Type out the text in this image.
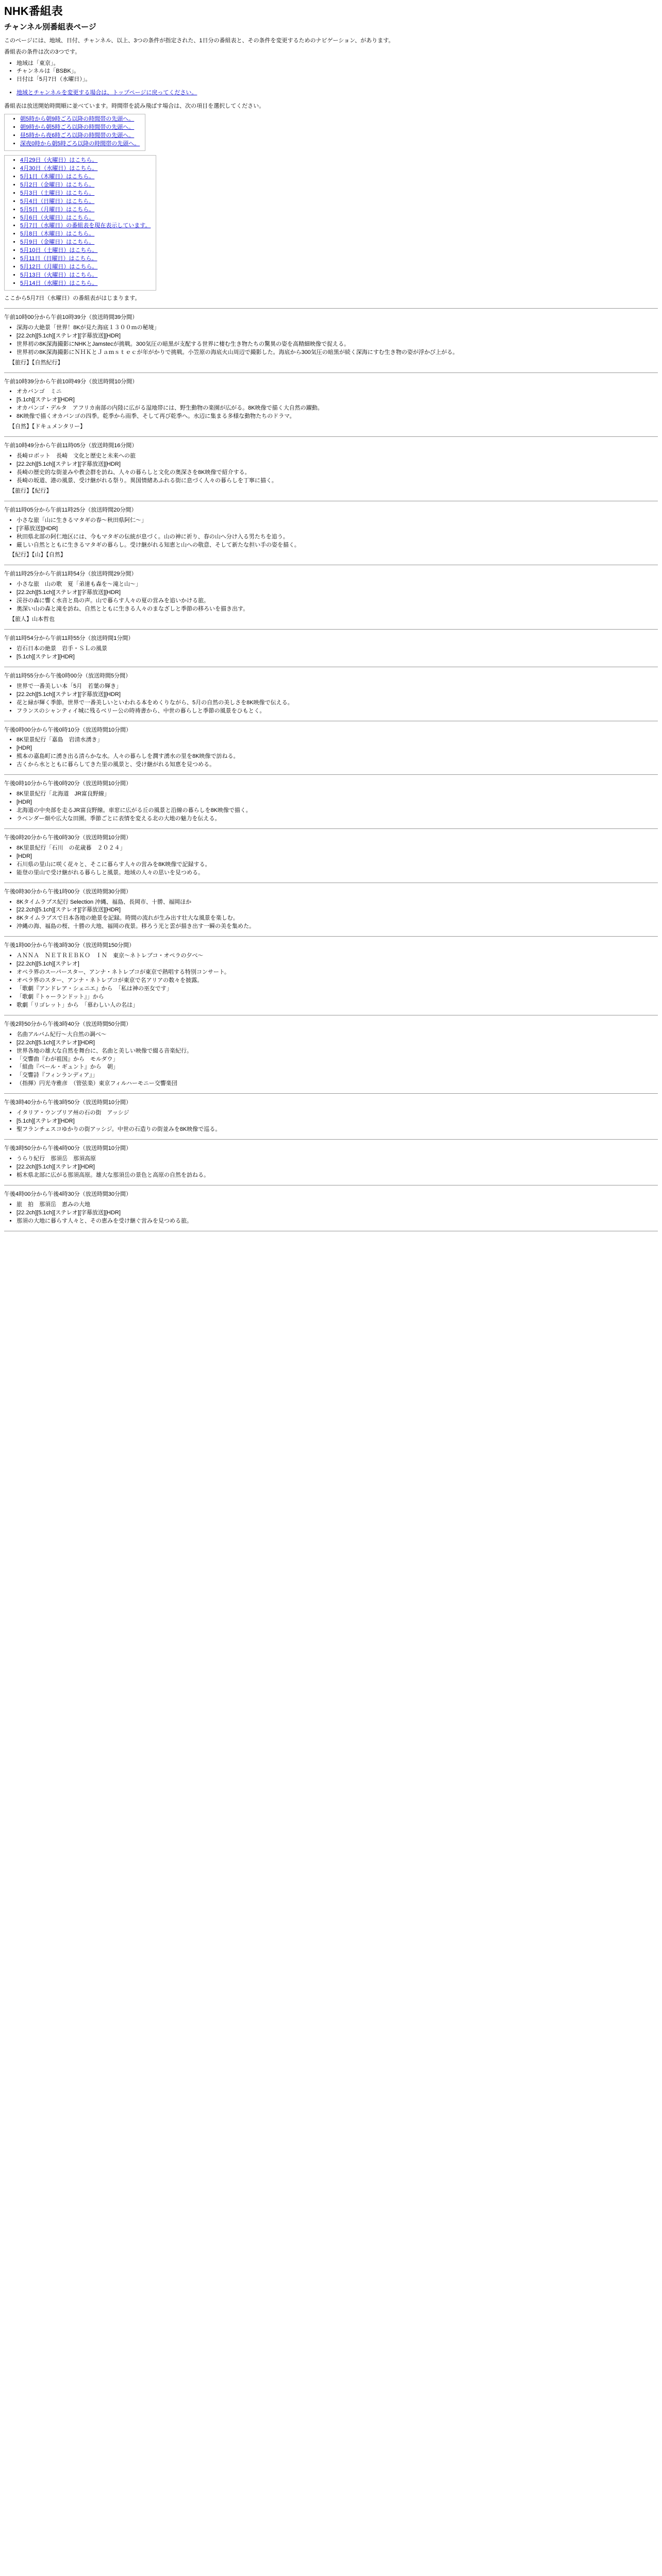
NHK番組表
チャンネル別番組表ページ

このページには、地域、日付、チャンネル、以上、3つの条件が指定された、1日分の番組表と、その条件を変更するためのナビゲーション、があります。

番組表の条件は次の3つです。

• 地域は「東京」。
• チャンネルは「BSBK」。
• 日付は「5月7日（水曜日）」。
• 地域とチャンネルを変更する場合は、トップページに戻ってください。

番組表は放送開始時間順に並べています。時間帯を読み飛ばす場合は、次の項目を選択してください。

• 朝5時から朝9時ごろ以降の時間帯の先頭へ。
• 朝9時から朝5時ごろ以降の時間帯の先頭へ。
• 昼5時から夜6時ごろ以降の時間帯の先頭へ。
• 深夜0時から朝5時ごろ以降の時間帯の先頭へ。

• 4月29日（火曜日）はこちら。
• 4月30日（水曜日）はこちら。
• 5月1日（木曜日）はこちら。
• 5月2日（金曜日）はこちら。
• 5月3日（土曜日）はこちら。
• 5月4日（日曜日）はこちら。
• 5月5日（月曜日）はこちら。
• 5月6日（火曜日）はこちら。
• 5月7日（水曜日）の番組表を現在表示しています。
• 5月8日（木曜日）はこちら。
• 5月9日（金曜日）はこちら。
• 5月10日（土曜日）はこちら。
• 5月11日（日曜日）はこちら。
• 5月12日（月曜日）はこちら。
• 5月13日（火曜日）はこちら。
• 5月14日（水曜日）はこちら。

ここから5月7日（水曜日）の番組表がはじまります。

午前10時00分から午前10時39分（放送時間39分間）
• 深海の大絶景「世界！8Kが見た海底１３００ｍの秘境」
• [22.2ch][5.1ch][ステレオ][字幕放送][HDR]
• 世界初の8K深海撮影にNHKとJamstecが挑戦。300気圧の暗黒が支配する世界に棲む生き物たちの驚異の姿を高精細映像で捉える。
• 世界初の8K深海撮影にＮＨＫとＪａｍｓｔｅｃが年がかりで挑戦。小笠原の海底火山周辺で撮影した。海底から300気圧の暗黒が続く深海にすむ生き物の姿が浮かび上がる。
【旅行】【自然紀行】
午前10時39分から午前10時49分（放送時間10分間）
• オカバンゴ　ミニ
• [5.1ch][ステレオ][HDR]
• オカバンゴ・デルタ　アフリカ南部の内陸に広がる湿地帯には、野生動物の楽園が広がる。8K映像で描く大自然の躍動。
• 8K映像で描くオカバンゴの四季。乾季から雨季、そして再び乾季へ。水辺に集まる多様な動物たちのドラマ。
【自然】【ドキュメンタリー】
午前10時49分から午前11時05分（放送時間16分間）
• 長崎ロボット　長崎　文化と歴史と未来への旅
• [22.2ch][5.1ch][ステレオ][字幕放送][HDR]
• 長崎の歴史的な街並みや教会群を訪ね、人々の暮らしと文化の奥深さを8K映像で紹介する。
• 長崎の坂道、港の風景、受け継がれる祭り。異国情緒あふれる街に息づく人々の暮らしを丁寧に描く。
【旅行】【紀行】
午前11時05分から午前11時25分（放送時間20分間）
• 小さな旅「山に生きるマタギの春〜秋田県阿仁〜」
• [字幕放送][HDR]
• 秋田県北部の阿仁地区には、今もマタギの伝統が息づく。山の神に祈り、春の山へ分け入る男たちを追う。
• 厳しい自然とともに生きるマタギの暮らし。受け継がれる知恵と山への敬意、そして新たな担い手の姿を描く。
【紀行】【山】【自然】
午前11時25分から午前11時54分（放送時間29分間）
• 小さな旅　山の歌　夏「弟達も森を～滝と山～」
• [22.2ch][5.1ch][ステレオ][字幕放送][HDR]
• 渓谷の森に響く水音と鳥の声。山で暮らす人々の夏の営みを追いかける旅。
• 奥深い山の森と滝を訪ね、自然とともに生きる人々のまなざしと季節の移ろいを描き出す。
【旅人】山本哲也
午前11時54分から午前11時55分（放送時間1分間）
• 岩石日本の絶景　岩手・ＳＬの風景
• [5.1ch][ステレオ][HDR]
午前11時55分から午後0時00分（放送時間5分間）
• 世界で一番美しい本「5月　若葉の輝き」
• [22.2ch][5.1ch][ステレオ][字幕放送][HDR]
• 花と緑が輝く季節。世界で一番美しいといわれる本をめくりながら、5月の自然の美しさを8K映像で伝える。
• フランスのシャンティイ城に残るベリー公の時祷書から、中世の暮らしと季節の風景をひもとく。
午後0時00分から午後0時10分（放送時間10分間）
• 8K里景紀行「嘉島　岩清水湧き」
• [HDR]
• 熊本の嘉島町に湧き出る清らかな水。人々の暮らしを潤す湧水の里を8K映像で訪ねる。
• 古くから水とともに暮らしてきた里の風景と、受け継がれる知恵を見つめる。
午後0時10分から午後0時20分（放送時間10分間）
• 8K里景紀行「北海道　JR富良野線」
• [HDR]
• 北海道の中央部を走るJR富良野線。車窓に広がる丘の風景と沿線の暮らしを8K映像で描く。
• ラベンダー畑や広大な田園。季節ごとに表情を変える北の大地の魅力を伝える。
午後0時20分から午後0時30分（放送時間10分間）
• 8K里景紀行「石川　の花歳暮　２０２４」
• [HDR]
• 石川県の里山に咲く花々と、そこに暮らす人々の営みを8K映像で記録する。
• 能登の里山で受け継がれる暮らしと風景。地域の人々の思いを見つめる。
午後0時30分から午後1時00分（放送時間30分間）
• 8Kタイムラプス紀行 Selection 沖縄、福島、長岡市、十勝、福岡ほか
• [22.2ch][5.1ch][ステレオ][字幕放送][HDR]
• 8Kタイムラプスで日本各地の絶景を記録。時間の流れが生み出す壮大な風景を楽しむ。
• 沖縄の海、福島の桜、十勝の大地、福岡の夜景。移ろう光と雲が描き出す一瞬の美を集めた。
午後1時00分から午後3時30分（放送時間150分間）
• ＡＮＮＡ　ＮＥＴＲＥＢＫＯ　ＩＮ　東京〜ネトレプコ・オペラの夕べ〜
• [22.2ch][5.1ch][ステレオ]
• オペラ界のスーパースター、アンナ・ネトレプコが東京で熱唱する特別コンサート。
• オペラ界のスター、アンナ・ネトレプコが東京で名アリアの数々を披露。
• 「歌劇『アンドレア・シェニエ』から　「私は神の巫女です」
• 「歌劇『トゥーランドット』」から
• 歌劇「リゴレット」から　「慕わしい人の名は」
午後2時50分から午後3時40分（放送時間50分間）
• 名曲アルバム紀行〜大自然の調べ〜
• [22.2ch][5.1ch][ステレオ][HDR]
• 世界各地の雄大な自然を舞台に、名曲と美しい映像で綴る音楽紀行。
• 「交響曲『わが祖国』から　モルダウ」
• 「組曲『ペール・ギュント』から　朝」
• 「交響詩『フィンランディア』」
• （指揮）円光寺雅彦　（管弦楽）東京フィルハーモニー交響楽団
午後3時40分から午後3時50分（放送時間10分間）
• イタリア・ウンブリア州の石の街　アッシジ
• [5.1ch][ステレオ][HDR]
• 聖フランチェスコゆかりの街アッシジ。中世の石造りの街並みを8K映像で巡る。
午後3時50分から午後4時00分（放送時間10分間）
• うらり紀行　那須岳　那須高原
• [22.2ch][5.1ch][ステレオ][HDR]
• 栃木県北部に広がる那須高原。雄大な那須岳の景色と高原の自然を訪ねる。
午後4時00分から午後4時30分（放送時間30分間）
• 旅　拍　那須岳　恵みの大地
• [22.2ch][5.1ch][ステレオ][字幕放送][HDR]
• 那須の大地に暮らす人々と、その恵みを受け継ぐ営みを見つめる旅。
